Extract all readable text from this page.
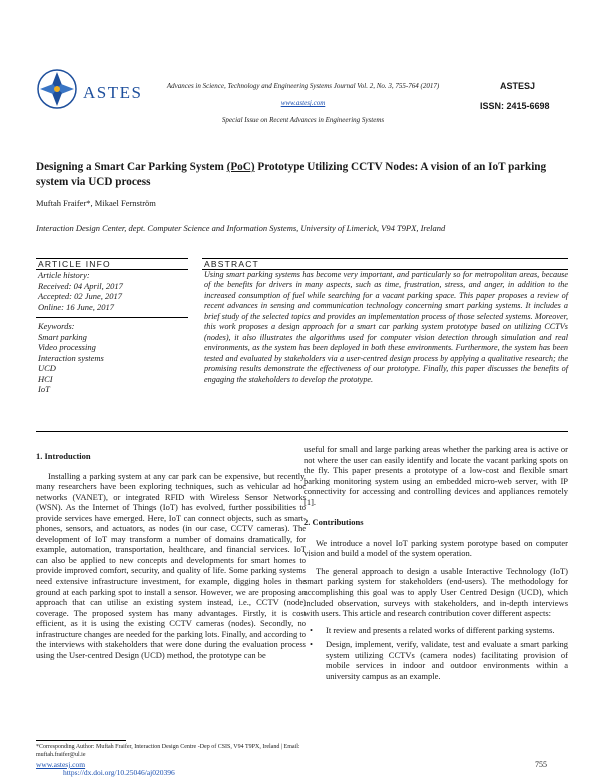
ASTES	Advances in Science, Technology and Engineering Systems Journal Vol. 2, No. 3, 755-764 (2017)
www.astesj.com
Special Issue on Recent Advances in Engineering Systems
ASTESJ
ISSN: 2415-6698
Designing a Smart Car Parking System (PoC) Prototype Utilizing CCTV Nodes: A vision of an IoT parking system via UCD process
Muftah Fraifer*, Mikael Fernström
Interaction Design Center, dept. Computer Science and Information Systems, University of Limerick, V94 T9PX, Ireland
ARTICLE INFO
Article history:
Received: 04 April, 2017
Accepted: 02 June, 2017
Online: 16 June, 2017
Keywords:
Smart parking
Video processing
Interaction systems
UCD
HCI
IoT
ABSTRACT
Using smart parking systems has become very important, and particularly so for metropolitan areas, because of the benefits for drivers in many aspects, such as time, frustration, stress, and anger, in addition to the increased consumption of fuel while searching for a vacant parking space. This paper proposes a review of recent advances in sensing and communication technology concerning smart parking systems. It includes a brief study of the selected topics and provides an implementation process of those selected systems. Moreover, this work proposes a design approach for a smart car parking system prototype based on utilizing CCTVs (nodes), it also illustrates the algorithms used for computer vision detection through simulation and real environments, as the system has been deployed in both these environments. Furthermore, the system has been tested and evaluated by stakeholders via a user-centred design process by applying a qualitative research; the promising results demonstrate the effectiveness of our prototype. Finally, this paper discusses the benefits of engaging the stakeholders to develop the prototype.
1. Introduction

Installing a parking system at any car park can be expensive, but recently, many researchers have been exploring techniques, such as vehicular ad hoc networks (VANET), or integrated RFID with Wireless Sensor Networks (WSN). As the Internet of Things (IoT) has evolved, further possibilities to provide services have emerged. Here, IoT can connect objects, such as smart-phones, sensors, and actuators, as nodes (in our case, CCTV cameras). The development of IoT may transform a number of domains dramatically, for example, automation, transportation, healthcare, and financial services. IoT can also be applied to new concepts and developments for smart homes to provide improved comfort, security, and quality of life. Some parking systems need extensive infrastructure investment, for example, digging holes in the ground at each parking spot to install a sensor. However, we are proposing an approach that can utilise an existing system instead, i.e., CCTV (node) coverage. The proposed system has many advantages. Firstly, it is cost efficient, as it is using the existing CCTV cameras (nodes). Secondly, no infrastructure changes are needed for the parking lots. Finally, and according to the interviews with stakeholders that were done during the evaluation process using the User-centred Design (UCD) method, the prototype can be

*Corresponding Author: Muftah Fraifer, Interaction Design Centre -Dep of CSIS, V94 T9PX, Ireland | Email: muftah.fraifer@ul.ie

useful for small and large parking areas whether the parking area is active or not where the user can easily identify and locate the vacant parking spots on the fly. This paper presents a prototype of a low-cost and flexible smart parking monitoring system using an embedded micro-web server, with IP connectivity for accessing and controlling devices and appliances remotely [1].

2. Contributions

We introduce a novel IoT parking system porotype based on computer vision and build a model of the system operation.

The general approach to design a usable Interactive Technology (IoT) smart parking system for stakeholders (end-users). The methodology for accomplishing this goal was to apply User Centred Design (UCD), which included observation, surveys with stakeholders, and in-depth interviews with users. This article and research contribution cover different aspects:

• It review and presents a related works of different parking systems.
• Design, implement, verify, validate, test and evaluate a smart parking system utilizing CCTVs (camera nodes) facilitating provision of mobile services in indoor and outdoor environments within a university campus as an example.
www.astesj.com
https://dx.doi.org/10.25046/aj020396
755
